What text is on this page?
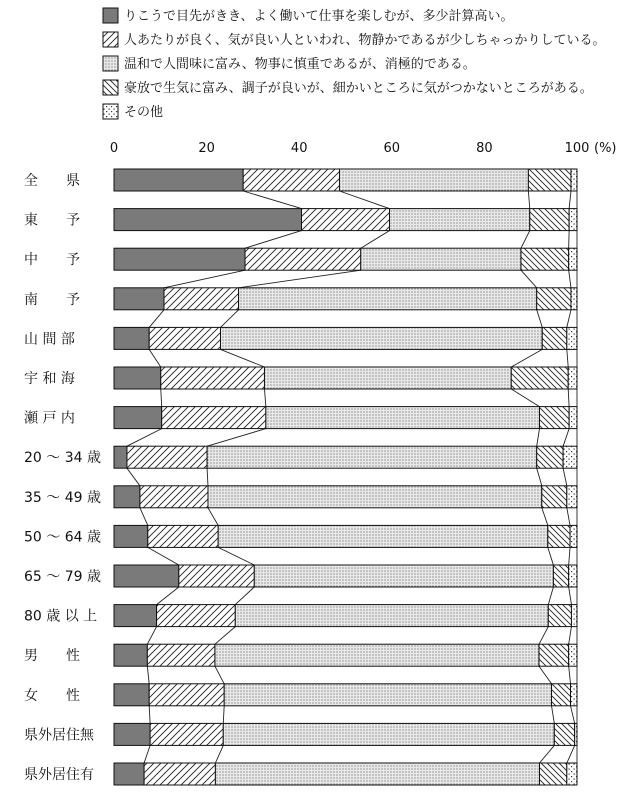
りこうで目先がきき、よく働いて仕事を楽しむが、多少計算高い。
人あたりが良く、気が良い人といわれ、物静かであるが少しちゃっかりしている。
温和で人間味に富み、物事に慎重であるが、消極的である。
豪放で生気に富み、調子が良いが、細かいところに気がつかないところがある。
その他
0	20	40	60	80	100 (%)
全　　県
東　　予
中　　予
南　　予
山 間 部
宇 和 海
瀬 戸 内
20 ～ 34 歳
35 ～ 49 歳
50 ～ 64 歳
65 ～ 79 歳
80 歳 以 上
男　　性
女　　性
県外居住無
県外居住有
